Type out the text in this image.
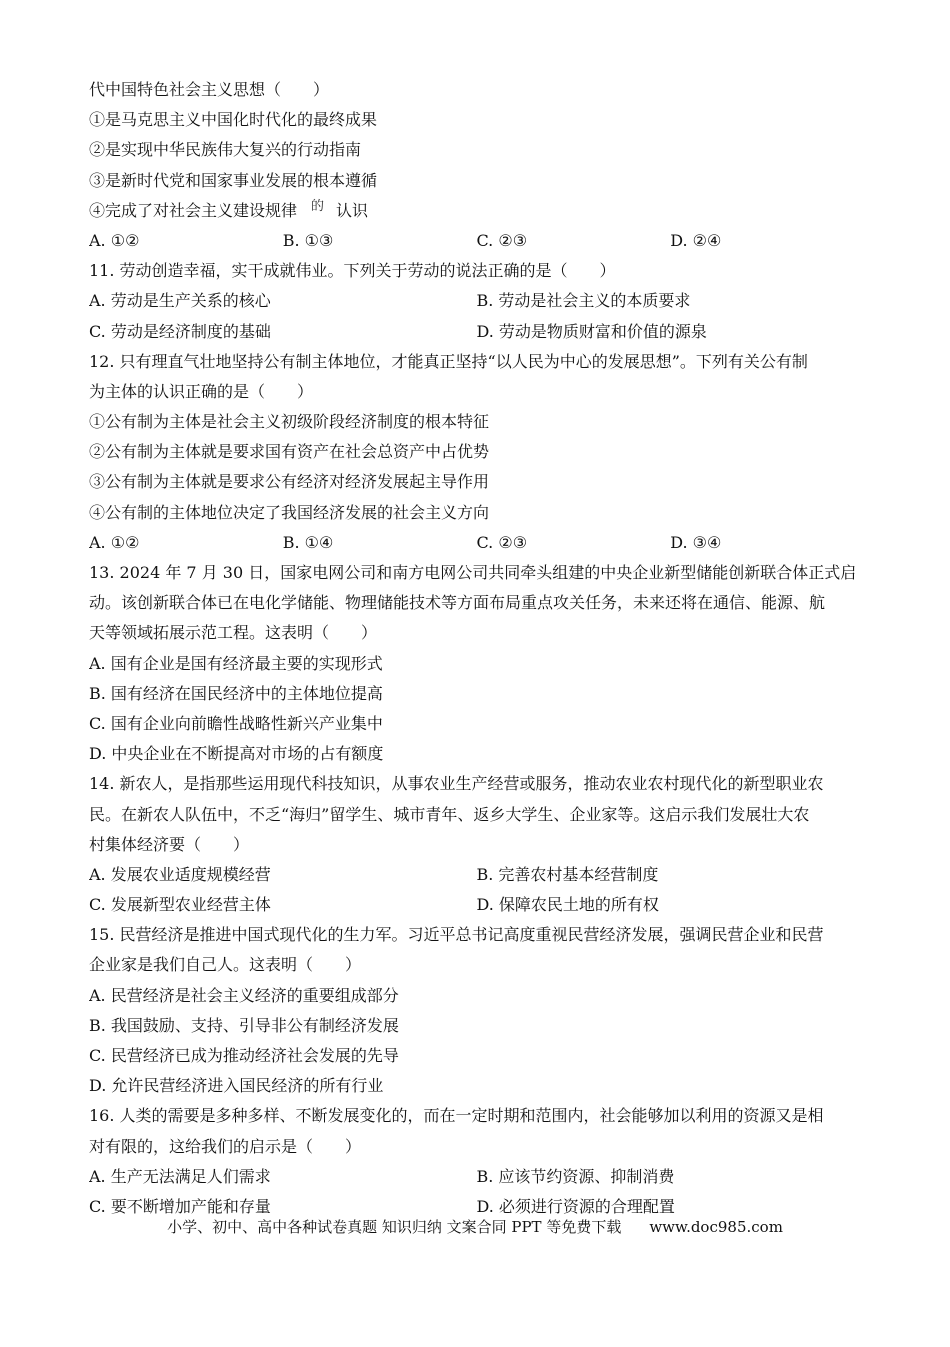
代中国特色社会主义思想（　　）
①是马克思主义中国化时代化的最终成果
②是实现中华民族伟大复兴的行动指南
③是新时代党和国家事业发展的根本遵循
④完成了对社会主义建设规律 $^的$ 认识
A. ①②	B. ①③	C. ②③	D. ②④
11. 劳动创造幸福，实干成就伟业。下列关于劳动的说法正确的是（　　）
A. 劳动是生产关系的核心	B. 劳动是社会主义的本质要求
C. 劳动是经济制度的基础	D. 劳动是物质财富和价值的源泉
12. 只有理直气壮地坚持公有制主体地位，才能真正坚持“以人民为中心的发展思想”。下列有关公有制
为主体的认识正确的是（　　）
①公有制为主体是社会主义初级阶段经济制度的根本特征
②公有制为主体就是要求国有资产在社会总资产中占优势
③公有制为主体就是要求公有经济对经济发展起主导作用
④公有制的主体地位决定了我国经济发展的社会主义方向
A. ①②	B. ①④	C. ②③	D. ③④
13. 2024 年 7 月 30 日，国家电网公司和南方电网公司共同牵头组建的中央企业新型储能创新联合体正式启
动。该创新联合体已在电化学储能、物理储能技术等方面布局重点攻关任务，未来还将在通信、能源、航
天等领域拓展示范工程。这表明（　　）
A. 国有企业是国有经济最主要的实现形式
B. 国有经济在国民经济中的主体地位提高
C. 国有企业向前瞻性战略性新兴产业集中
D. 中央企业在不断提高对市场的占有额度
14. 新农人，是指那些运用现代科技知识，从事农业生产经营或服务，推动农业农村现代化的新型职业农
民。在新农人队伍中，不乏“海归”留学生、城市青年、返乡大学生、企业家等。这启示我们发展壮大农
村集体经济要（　　）
A. 发展农业适度规模经营	B. 完善农村基本经营制度
C. 发展新型农业经营主体	D. 保障农民土地的所有权
15. 民营经济是推进中国式现代化的生力军。习近平总书记高度重视民营经济发展，强调民营企业和民营
企业家是我们自己人。这表明（　　）
A. 民营经济是社会主义经济的重要组成部分
B. 我国鼓励、支持、引导非公有制经济发展
C. 民营经济已成为推动经济社会发展的先导
D. 允许民营经济进入国民经济的所有行业
16. 人类的需要是多种多样、不断发展变化的，而在一定时期和范围内，社会能够加以利用的资源又是相
对有限的，这给我们的启示是（　　）
A. 生产无法满足人们需求	B. 应该节约资源、抑制消费
C. 要不断增加产能和存量	D. 必须进行资源的合理配置
小学、初中、高中各种试卷真题 知识归纳 文案合同 PPT 等免费下载 www.doc985.com
